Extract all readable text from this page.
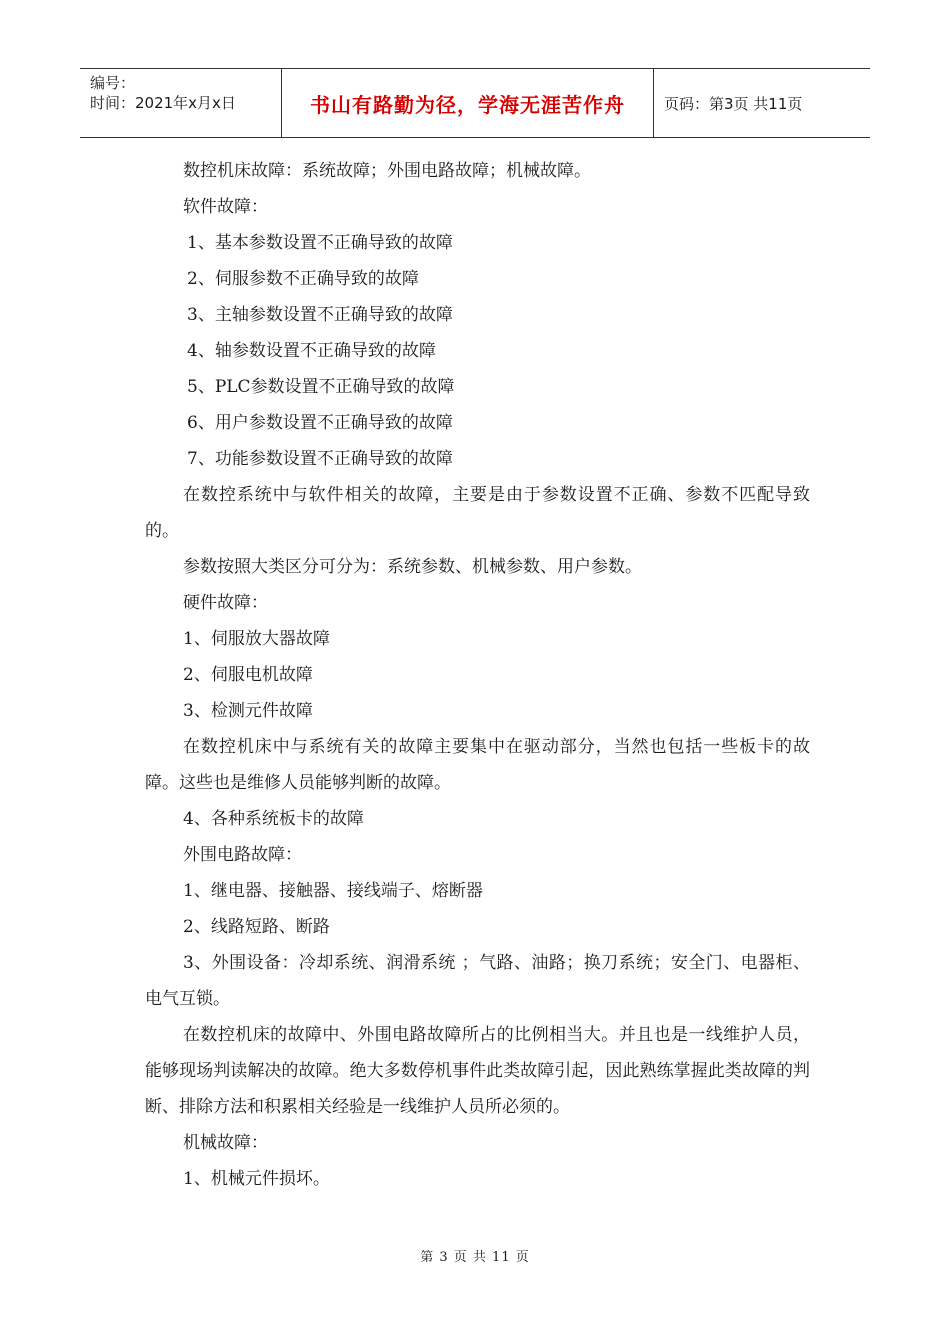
编号：
时间：2021年x月x日	书山有路勤为径，学海无涯苦作舟	页码：第3页 共11页

数控机床故障：系统故障；外围电路故障；机械故障。

软件故障：

1、基本参数设置不正确导致的故障

2、伺服参数不正确导致的故障

3、主轴参数设置不正确导致的故障

4、轴参数设置不正确导致的故障

5、PLC参数设置不正确导致的故障

6、用户参数设置不正确导致的故障

7、功能参数设置不正确导致的故障

在数控系统中与软件相关的故障，主要是由于参数设置不正确、参数不匹配导致的。

参数按照大类区分可分为：系统参数、机械参数、用户参数。

硬件故障：

1、伺服放大器故障

2、伺服电机故障

3、检测元件故障

在数控机床中与系统有关的故障主要集中在驱动部分，当然也包括一些板卡的故障。这些也是维修人员能够判断的故障。

4、各种系统板卡的故障

外围电路故障：

1、继电器、接触器、接线端子、熔断器

2、线路短路、断路

3、外围设备：冷却系统、润滑系统 ；气路、油路；换刀系统；安全门、电器柜、电气互锁。

在数控机床的故障中、外围电路故障所占的比例相当大。并且也是一线维护人员，能够现场判读解决的故障。绝大多数停机事件此类故障引起，因此熟练掌握此类故障的判断、排除方法和积累相关经验是一线维护人员所必须的。

机械故障：

1、机械元件损坏。

第 3 页 共 11 页
